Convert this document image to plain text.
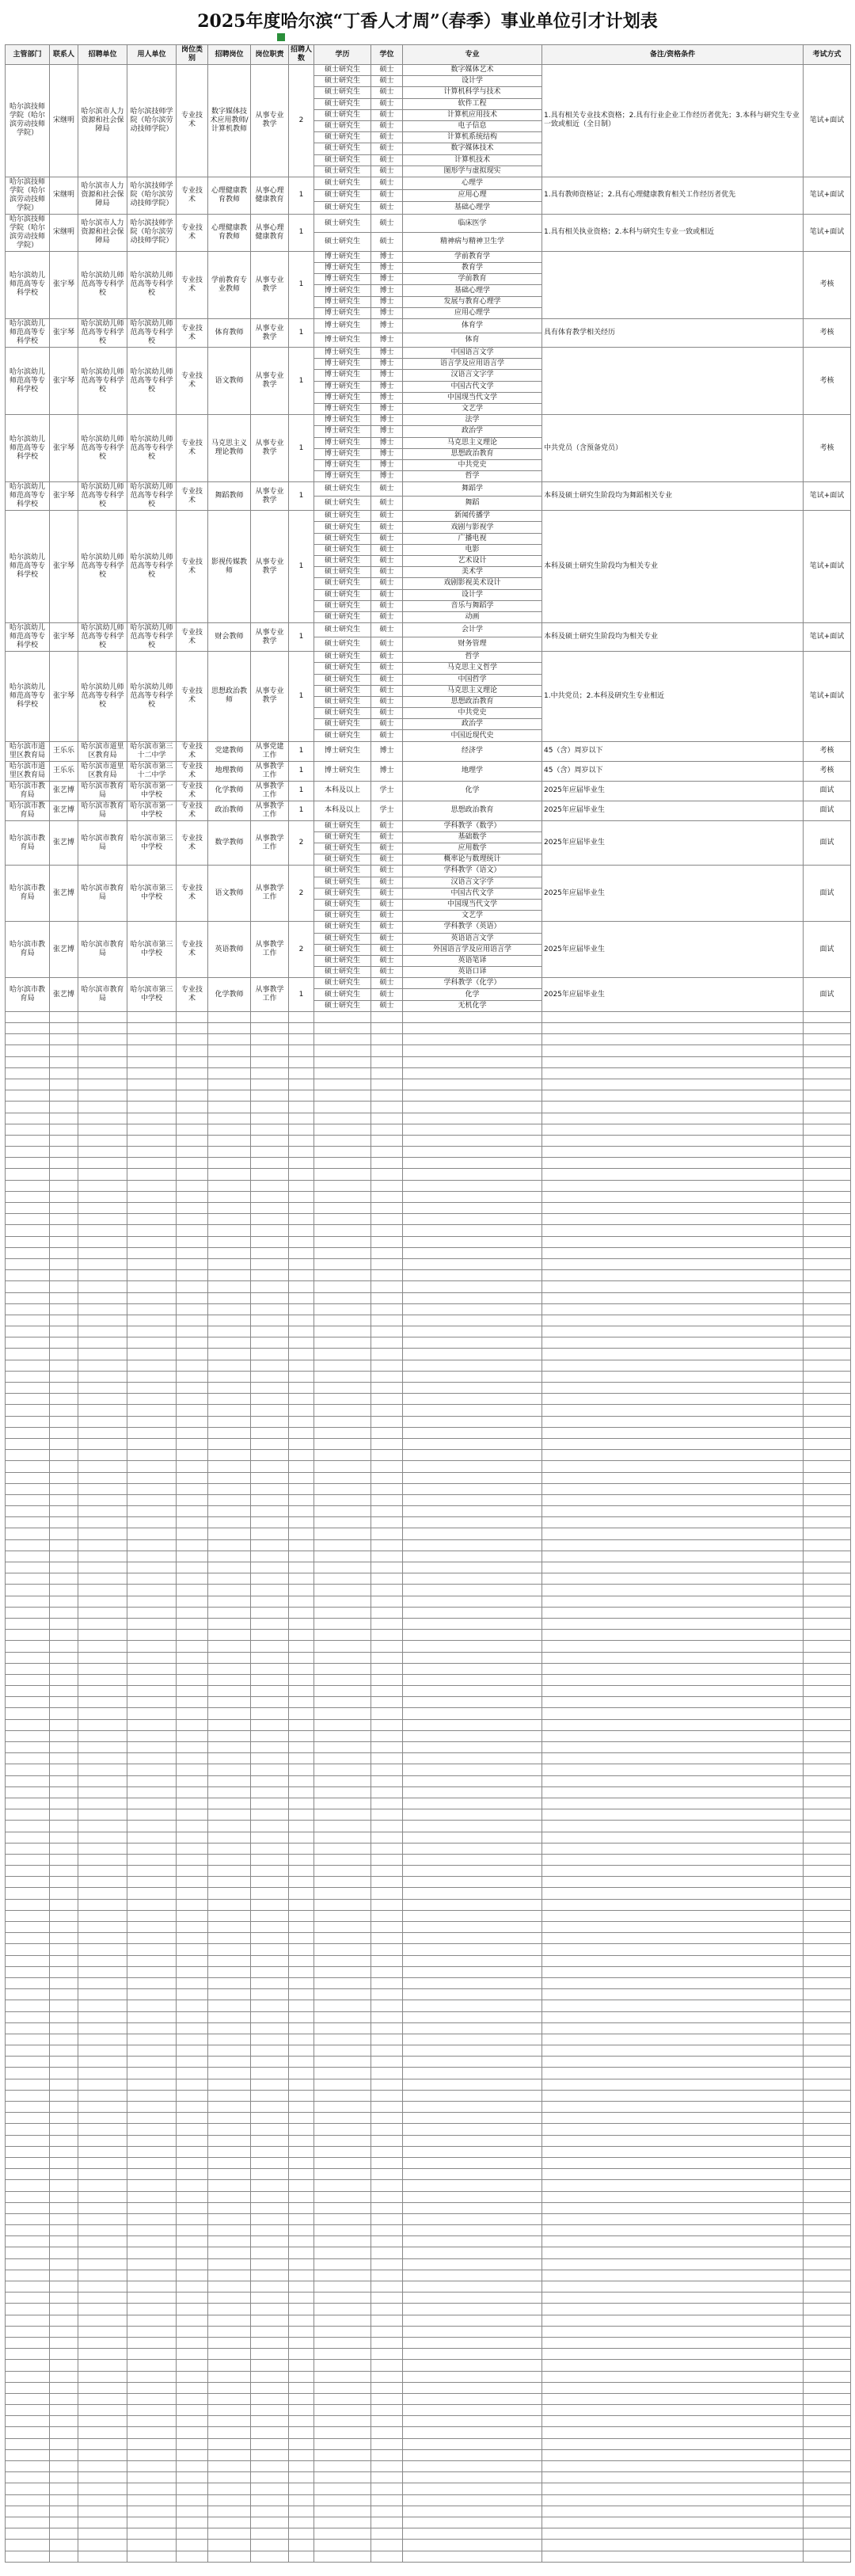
2025年度哈尔滨“丁香人才周”（春季）事业单位引才计划表
主管部门	联系人	招聘单位	用人单位	岗位类别	招聘岗位	岗位职责	招聘人数	学历	学位	专业	备注/资格条件	考试方式
哈尔滨技师学院（哈尔滨劳动技师学院）	宋继明	哈尔滨市人力资源和社会保障局	哈尔滨技师学院（哈尔滨劳动技师学院）	专业技术	数字媒体技术应用教师/计算机教师	从事专业教学	2	硕士研究生	硕士	数字媒体艺术	1.具有相关专业技术资格；2.具有行业企业工作经历者优先；3.本科与研究生专业一致或相近（全日制）	笔试+面试
								硕士研究生	硕士	设计学		
								硕士研究生	硕士	计算机科学与技术		
								硕士研究生	硕士	软件工程		
								硕士研究生	硕士	计算机应用技术		
								硕士研究生	硕士	电子信息		
								硕士研究生	硕士	计算机系统结构		
								硕士研究生	硕士	数字媒体技术		
								硕士研究生	硕士	计算机技术		
								硕士研究生	硕士	图形学与虚拟现实		
哈尔滨技师学院（哈尔滨劳动技师学院）	宋继明	哈尔滨市人力资源和社会保障局	哈尔滨技师学院（哈尔滨劳动技师学院）	专业技术	心理健康教育教师	从事心理健康教育	1	硕士研究生	硕士	心理学	1.具有教师资格证；2.具有心理健康教育相关工作经历者优先	笔试+面试
								硕士研究生	硕士	应用心理		
								硕士研究生	硕士	基础心理学		
哈尔滨技师学院（哈尔滨劳动技师学院）	宋继明	哈尔滨市人力资源和社会保障局	哈尔滨技师学院（哈尔滨劳动技师学院）	专业技术	心理健康教育教师	从事心理健康教育	1	硕士研究生	硕士	临床医学	1.具有相关执业资格；2.本科与研究生专业一致或相近	笔试+面试
								硕士研究生	硕士	精神病与精神卫生学		
哈尔滨幼儿师范高等专科学校	张宇琴	哈尔滨幼儿师范高等专科学校	哈尔滨幼儿师范高等专科学校	专业技术	学前教育专业教师	从事专业教学	1	博士研究生	博士	学前教育学		考核
								博士研究生	博士	教育学		
								博士研究生	博士	学前教育		
								博士研究生	博士	基础心理学		
								博士研究生	博士	发展与教育心理学		
								博士研究生	博士	应用心理学		
哈尔滨幼儿师范高等专科学校	张宇琴	哈尔滨幼儿师范高等专科学校	哈尔滨幼儿师范高等专科学校	专业技术	体育教师	从事专业教学	1	博士研究生	博士	体育学	具有体育教学相关经历	考核
								博士研究生	博士	体育		
哈尔滨幼儿师范高等专科学校	张宇琴	哈尔滨幼儿师范高等专科学校	哈尔滨幼儿师范高等专科学校	专业技术	语文教师	从事专业教学	1	博士研究生	博士	中国语言文学		考核
								博士研究生	博士	语言学及应用语言学		
								博士研究生	博士	汉语言文字学		
								博士研究生	博士	中国古代文学		
								博士研究生	博士	中国现当代文学		
								博士研究生	博士	文艺学		
哈尔滨幼儿师范高等专科学校	张宇琴	哈尔滨幼儿师范高等专科学校	哈尔滨幼儿师范高等专科学校	专业技术	马克思主义理论教师	从事专业教学	1	博士研究生	博士	法学	中共党员（含预备党员）	考核
								博士研究生	博士	政治学		
								博士研究生	博士	马克思主义理论		
								博士研究生	博士	思想政治教育		
								博士研究生	博士	中共党史		
								博士研究生	博士	哲学		
哈尔滨幼儿师范高等专科学校	张宇琴	哈尔滨幼儿师范高等专科学校	哈尔滨幼儿师范高等专科学校	专业技术	舞蹈教师	从事专业教学	1	硕士研究生	硕士	舞蹈学	本科及硕士研究生阶段均为舞蹈相关专业	笔试+面试
								硕士研究生	硕士	舞蹈		
哈尔滨幼儿师范高等专科学校	张宇琴	哈尔滨幼儿师范高等专科学校	哈尔滨幼儿师范高等专科学校	专业技术	影视传媒教师	从事专业教学	1	硕士研究生	硕士	新闻传播学	本科及硕士研究生阶段均为相关专业	笔试+面试
								硕士研究生	硕士	戏剧与影视学		
								硕士研究生	硕士	广播电视		
								硕士研究生	硕士	电影		
								硕士研究生	硕士	艺术设计		
								硕士研究生	硕士	美术学		
								硕士研究生	硕士	戏剧影视美术设计		
								硕士研究生	硕士	设计学		
								硕士研究生	硕士	音乐与舞蹈学		
								硕士研究生	硕士	动画		
哈尔滨幼儿师范高等专科学校	张宇琴	哈尔滨幼儿师范高等专科学校	哈尔滨幼儿师范高等专科学校	专业技术	财会教师	从事专业教学	1	硕士研究生	硕士	会计学	本科及硕士研究生阶段均为相关专业	笔试+面试
								硕士研究生	硕士	财务管理		
哈尔滨幼儿师范高等专科学校	张宇琴	哈尔滨幼儿师范高等专科学校	哈尔滨幼儿师范高等专科学校	专业技术	思想政治教师	从事专业教学	1	硕士研究生	硕士	哲学	1.中共党员；2.本科及研究生专业相近	笔试+面试
								硕士研究生	硕士	马克思主义哲学		
								硕士研究生	硕士	中国哲学		
								硕士研究生	硕士	马克思主义理论		
								硕士研究生	硕士	思想政治教育		
								硕士研究生	硕士	中共党史		
								硕士研究生	硕士	政治学		
								硕士研究生	硕士	中国近现代史		
哈尔滨市道里区教育局	王乐乐	哈尔滨市道里区教育局	哈尔滨市第三十二中学	专业技术	党建教师	从事党建工作	1	博士研究生	博士	经济学	45（含）周岁以下	考核
哈尔滨市道里区教育局	王乐乐	哈尔滨市道里区教育局	哈尔滨市第三十二中学	专业技术	地理教师	从事教学工作	1	博士研究生	博士	地理学	45（含）周岁以下	考核
哈尔滨市教育局	张艺博	哈尔滨市教育局	哈尔滨市第一中学校	专业技术	化学教师	从事教学工作	1	本科及以上	学士	化学	2025年应届毕业生	面试
哈尔滨市教育局	张艺博	哈尔滨市教育局	哈尔滨市第一中学校	专业技术	政治教师	从事教学工作	1	本科及以上	学士	思想政治教育	2025年应届毕业生	面试
哈尔滨市教育局	张艺博	哈尔滨市教育局	哈尔滨市第三中学校	专业技术	数学教师	从事教学工作	2	硕士研究生	硕士	学科教学（数学）	2025年应届毕业生	面试
								硕士研究生	硕士	基础数学		
								硕士研究生	硕士	应用数学		
								硕士研究生	硕士	概率论与数理统计		
哈尔滨市教育局	张艺博	哈尔滨市教育局	哈尔滨市第三中学校	专业技术	语文教师	从事教学工作	2	硕士研究生	硕士	学科教学（语文）	2025年应届毕业生	面试
								硕士研究生	硕士	汉语言文字学		
								硕士研究生	硕士	中国古代文学		
								硕士研究生	硕士	中国现当代文学		
								硕士研究生	硕士	文艺学		
哈尔滨市教育局	张艺博	哈尔滨市教育局	哈尔滨市第三中学校	专业技术	英语教师	从事教学工作	2	硕士研究生	硕士	学科教学（英语）	2025年应届毕业生	面试
								硕士研究生	硕士	英语语言文学		
								硕士研究生	硕士	外国语言学及应用语言学		
								硕士研究生	硕士	英语笔译		
								硕士研究生	硕士	英语口译		
哈尔滨市教育局	张艺博	哈尔滨市教育局	哈尔滨市第三中学校	专业技术	化学教师	从事教学工作	1	硕士研究生	硕士	学科教学（化学）	2025年应届毕业生	面试
								硕士研究生	硕士	化学		
								硕士研究生	硕士	无机化学		
